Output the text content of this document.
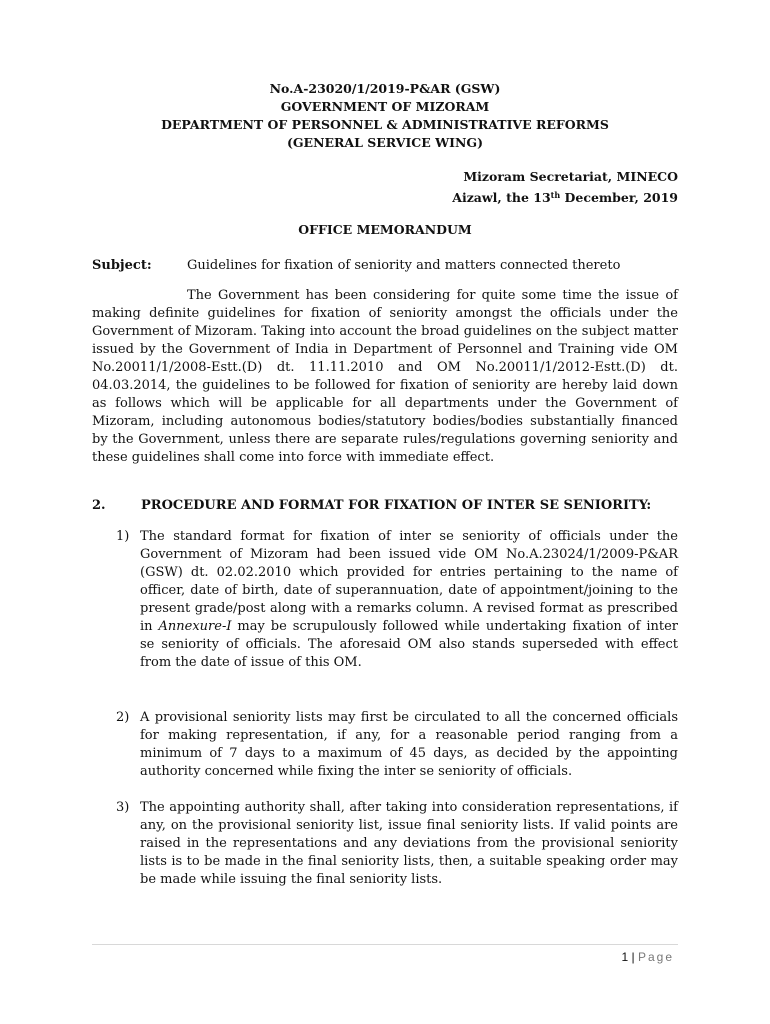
No.A-23020/1/2019-P&AR (GSW)
GOVERNMENT OF MIZORAM
DEPARTMENT OF PERSONNEL & ADMINISTRATIVE REFORMS
(GENERAL SERVICE WING)
Mizoram Secretariat, MINECO
Aizawl, the 13th December, 2019
OFFICE MEMORANDUM
Subject:	Guidelines for fixation of seniority and matters connected thereto
The Government has been considering for quite some time the issue of making definite guidelines for fixation of seniority amongst the officials under the Government of Mizoram. Taking into account the broad guidelines on the subject matter issued by the Government of India in Department of Personnel and Training vide OM No.20011/1/2008-Estt.(D) dt. 11.11.2010 and OM No.20011/1/2012-Estt.(D) dt. 04.03.2014, the guidelines to be followed for fixation of seniority are hereby laid down as follows which will be applicable for all departments under the Government of Mizoram, including autonomous bodies/statutory bodies/bodies substantially financed by the Government, unless there are separate rules/regulations governing seniority and these guidelines shall come into force with immediate effect.
2.	PROCEDURE AND FORMAT FOR FIXATION OF INTER SE SENIORITY:
1) The standard format for fixation of inter se seniority of officials under the Government of Mizoram had been issued vide OM No.A.23024/1/2009-P&AR (GSW) dt. 02.02.2010 which provided for entries pertaining to the name of officer, date of birth, date of superannuation, date of appointment/joining to the present grade/post along with a remarks column. A revised format as prescribed in Annexure-I may be scrupulously followed while undertaking fixation of inter se seniority of officials. The aforesaid OM also stands superseded with effect from the date of issue of this OM.
2) A provisional seniority lists may first be circulated to all the concerned officials for making representation, if any, for a reasonable period ranging from a minimum of 7 days to a maximum of 45 days, as decided by the appointing authority concerned while fixing the inter se seniority of officials.
3) The appointing authority shall, after taking into consideration representations, if any, on the provisional seniority list, issue final seniority lists. If valid points are raised in the representations and any deviations from the provisional seniority lists is to be made in the final seniority lists, then, a suitable speaking order may be made while issuing the final seniority lists.
1 | Page
